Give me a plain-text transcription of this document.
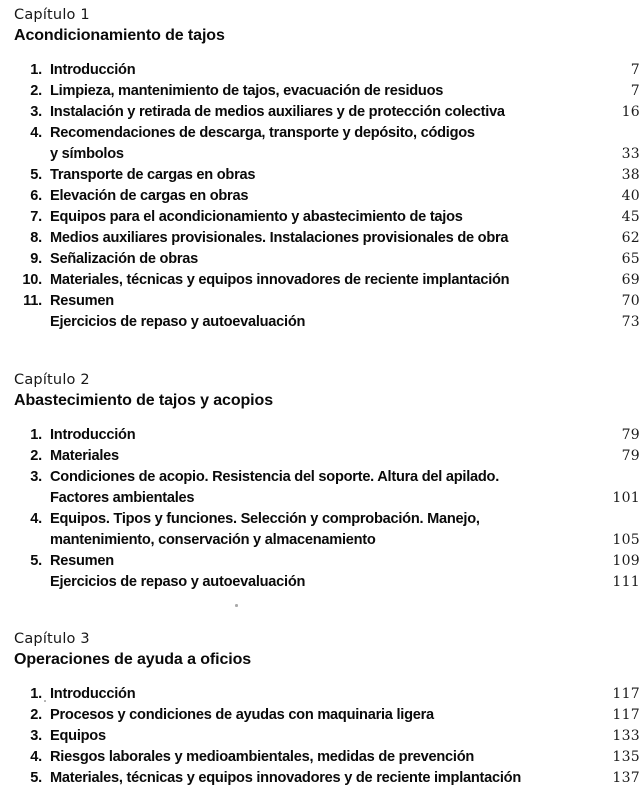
Capítulo 1
Acondicionamiento de tajos
1. Introducción	7
2. Limpieza, mantenimiento de tajos, evacuación de residuos	7
3. Instalación y retirada de medios auxiliares y de protección colectiva	16
4. Recomendaciones de descarga, transporte y depósito, códigos
y símbolos	33
5. Transporte de cargas en obras	38
6. Elevación de cargas en obras	40
7. Equipos para el acondicionamiento y abastecimiento de tajos	45
8. Medios auxiliares provisionales. Instalaciones provisionales de obra	62
9. Señalización de obras	65
10. Materiales, técnicas y equipos innovadores de reciente implantación	69
11. Resumen	70
Ejercicios de repaso y autoevaluación	73
Capítulo 2
Abastecimiento de tajos y acopios
1. Introducción	79
2. Materiales	79
3. Condiciones de acopio. Resistencia del soporte. Altura del apilado.
Factores ambientales	101
4. Equipos. Tipos y funciones. Selección y comprobación. Manejo,
mantenimiento, conservación y almacenamiento	105
5. Resumen	109
Ejercicios de repaso y autoevaluación	111
Capítulo 3
Operaciones de ayuda a oficios
1. Introducción	117
2. Procesos y condiciones de ayudas con maquinaria ligera	117
3. Equipos	133
4. Riesgos laborales y medioambientales, medidas de prevención	135
5. Materiales, técnicas y equipos innovadores y de reciente implantación	137
